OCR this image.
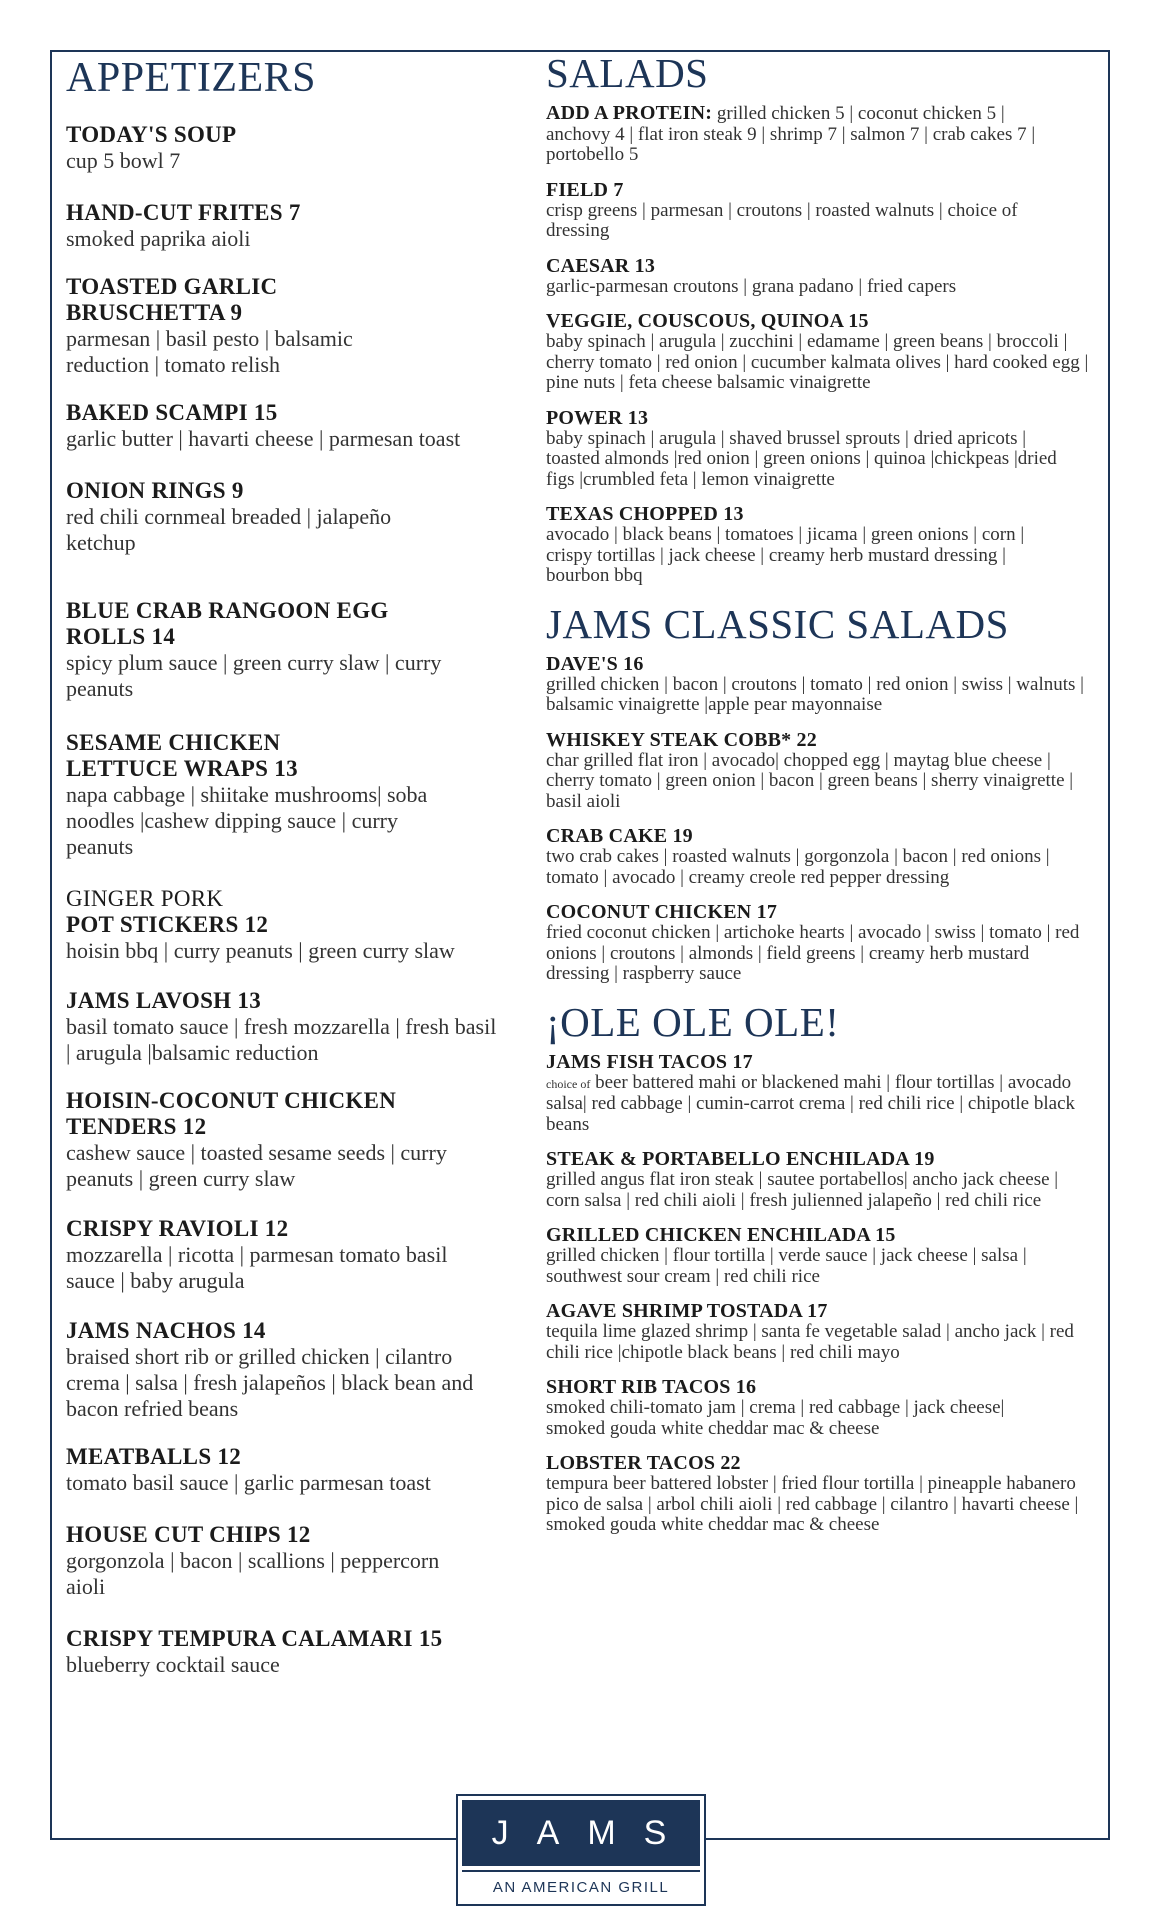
APPETIZERS
TODAY'S SOUP
cup 5 bowl 7
HAND-CUT FRITES 7
smoked paprika aioli
TOASTED GARLIC BRUSCHETTA 9
parmesan | basil pesto | balsamic reduction | tomato relish
BAKED SCAMPI 15
garlic butter | havarti cheese | parmesan toast
ONION RINGS 9
red chili cornmeal breaded | jalapeño ketchup
BLUE CRAB RANGOON EGG ROLLS 14
spicy plum sauce | green curry slaw | curry peanuts
SESAME CHICKEN LETTUCE WRAPS 13
napa cabbage | shiitake mushrooms| soba noodles |cashew dipping sauce | curry peanuts
GINGER PORK
POT STICKERS 12
hoisin bbq | curry peanuts | green curry slaw
JAMS LAVOSH 13
basil tomato sauce | fresh mozzarella | fresh basil | arugula |balsamic reduction
HOISIN-COCONUT CHICKEN TENDERS 12
cashew sauce | toasted sesame seeds | curry peanuts | green curry slaw
CRISPY RAVIOLI 12
mozzarella | ricotta | parmesan tomato basil sauce | baby arugula
JAMS NACHOS 14
braised short rib or grilled chicken | cilantro crema | salsa | fresh jalapeños | black bean and bacon refried beans
MEATBALLS 12
tomato basil sauce | garlic parmesan toast
HOUSE CUT CHIPS 12
gorgonzola | bacon | scallions | peppercorn aioli
CRISPY TEMPURA CALAMARI 15
blueberry cocktail sauce
SALADS
ADD A PROTEIN: grilled chicken 5 | coconut chicken 5 | anchovy 4 | flat iron steak 9 | shrimp 7 | salmon 7 | crab cakes 7 | portobello 5
FIELD 7
crisp greens | parmesan | croutons | roasted walnuts | choice of dressing
CAESAR 13
garlic-parmesan croutons | grana padano | fried capers
VEGGIE, COUSCOUS, QUINOA 15
baby spinach | arugula | zucchini | edamame | green beans | broccoli | cherry tomato | red onion | cucumber kalmata olives | hard cooked egg | pine nuts | feta cheese balsamic vinaigrette
POWER 13
baby spinach | arugula | shaved brussel sprouts | dried apricots | toasted almonds |red onion | green onions | quinoa |chickpeas |dried figs |crumbled feta | lemon vinaigrette
TEXAS CHOPPED 13
avocado | black beans | tomatoes | jicama | green onions | corn | crispy tortillas | jack cheese | creamy herb mustard dressing | bourbon bbq
JAMS CLASSIC SALADS
DAVE'S 16
grilled chicken | bacon | croutons | tomato | red onion | swiss | walnuts | balsamic vinaigrette |apple pear mayonnaise
WHISKEY STEAK COBB* 22
char grilled flat iron | avocado| chopped egg | maytag blue cheese | cherry tomato | green onion | bacon | green beans | sherry vinaigrette | basil aioli
CRAB CAKE 19
two crab cakes | roasted walnuts | gorgonzola | bacon | red onions | tomato | avocado | creamy creole red pepper dressing
COCONUT CHICKEN 17
fried coconut chicken | artichoke hearts | avocado | swiss | tomato | red onions | croutons | almonds | field greens | creamy herb mustard dressing | raspberry sauce
¡OLE OLE OLE!
JAMS FISH TACOS 17
choice of beer battered mahi or blackened mahi | flour tortillas | avocado salsa| red cabbage | cumin-carrot crema | red chili rice | chipotle black beans
STEAK & PORTABELLO ENCHILADA 19
grilled angus flat iron steak | sautee portabellos| ancho jack cheese | corn salsa | red chili aioli | fresh julienned jalapeño | red chili rice
GRILLED CHICKEN ENCHILADA 15
grilled chicken | flour tortilla | verde sauce | jack cheese | salsa | southwest sour cream | red chili rice
AGAVE SHRIMP TOSTADA 17
tequila lime glazed shrimp | santa fe vegetable salad | ancho jack | red chili rice |chipotle black beans | red chili mayo
SHORT RIB TACOS 16
smoked chili-tomato jam | crema | red cabbage | jack cheese| smoked gouda white cheddar mac & cheese
LOBSTER TACOS 22
tempura beer battered lobster | fried flour tortilla | pineapple habanero pico de salsa | arbol chili aioli | red cabbage | cilantro | havarti cheese | smoked gouda white cheddar mac & cheese
JAMS
AN AMERICAN GRILL
